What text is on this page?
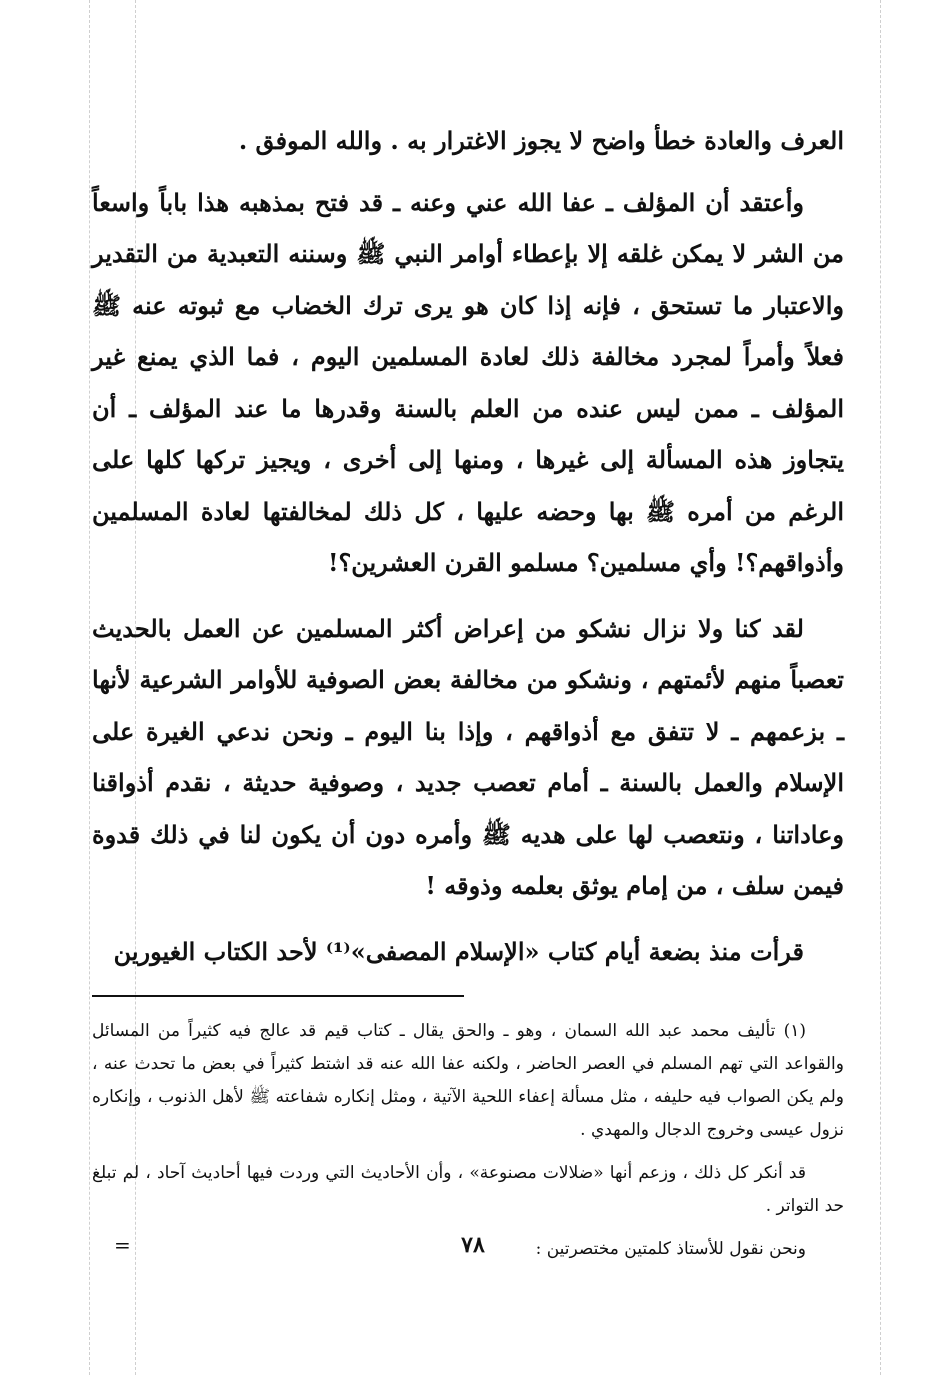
العرف والعادة خطأ واضح لا يجوز الاغترار به . والله الموفق .

وأعتقد أن المؤلف ـ عفا الله عني وعنه ـ قد فتح بمذهبه هذا باباً واسعاً من الشر لا يمكن غلقه إلا بإعطاء أوامر النبي ﷺ وسننه التعبدية من التقدير والاعتبار ما تستحق ، فإنه إذا كان هو يرى ترك الخضاب مع ثبوته عنه ﷺ فعلاً وأمراً لمجرد مخالفة ذلك لعادة المسلمين اليوم ، فما الذي يمنع غير المؤلف ـ ممن ليس عنده من العلم بالسنة وقدرها ما عند المؤلف ـ أن يتجاوز هذه المسألة إلى غيرها ، ومنها إلى أخرى ، ويجيز تركها كلها على الرغم من أمره ﷺ بها وحضه عليها ، كل ذلك لمخالفتها لعادة المسلمين وأذواقهم؟! وأي مسلمين؟ مسلمو القرن العشرين؟!

لقد كنا ولا نزال نشكو من إعراض أكثر المسلمين عن العمل بالحديث تعصباً منهم لأئمتهم ، ونشكو من مخالفة بعض الصوفية للأوامر الشرعية لأنها ـ بزعمهم ـ لا تتفق مع أذواقهم ، وإذا بنا اليوم ـ ونحن ندعي الغيرة على الإسلام والعمل بالسنة ـ أمام تعصب جديد ، وصوفية حديثة ، نقدم أذواقنا وعاداتنا ، ونتعصب لها على هديه ﷺ وأمره دون أن يكون لنا في ذلك قدوة فيمن سلف ، من إمام يوثق بعلمه وذوقه !

قرأت منذ بضعة أيام كتاب «الإسلام المصفى»⁽¹⁾ لأحد الكتاب الغيورين

(١) تأليف محمد عبد الله السمان ، وهو ـ والحق يقال ـ كتاب قيم قد عالج فيه كثيراً من المسائل والقواعد التي تهم المسلم في العصر الحاضر ، ولكنه عفا الله عنه قد اشتط كثيراً في بعض ما تحدث عنه ، ولم يكن الصواب فيه حليفه ، مثل مسألة إعفاء اللحية الآتية ، ومثل إنكاره شفاعته ﷺ لأهل الذنوب ، وإنكاره نزول عيسى وخروج الدجال والمهدي .

قد أنكر كل ذلك ، وزعم أنها «ضلالات مصنوعة» ، وأن الأحاديث التي وردت فيها أحاديث آحاد ، لم تبلغ حد التواتر .

ونحن نقول للأستاذ كلمتين مختصرتين :

=	٧٨
